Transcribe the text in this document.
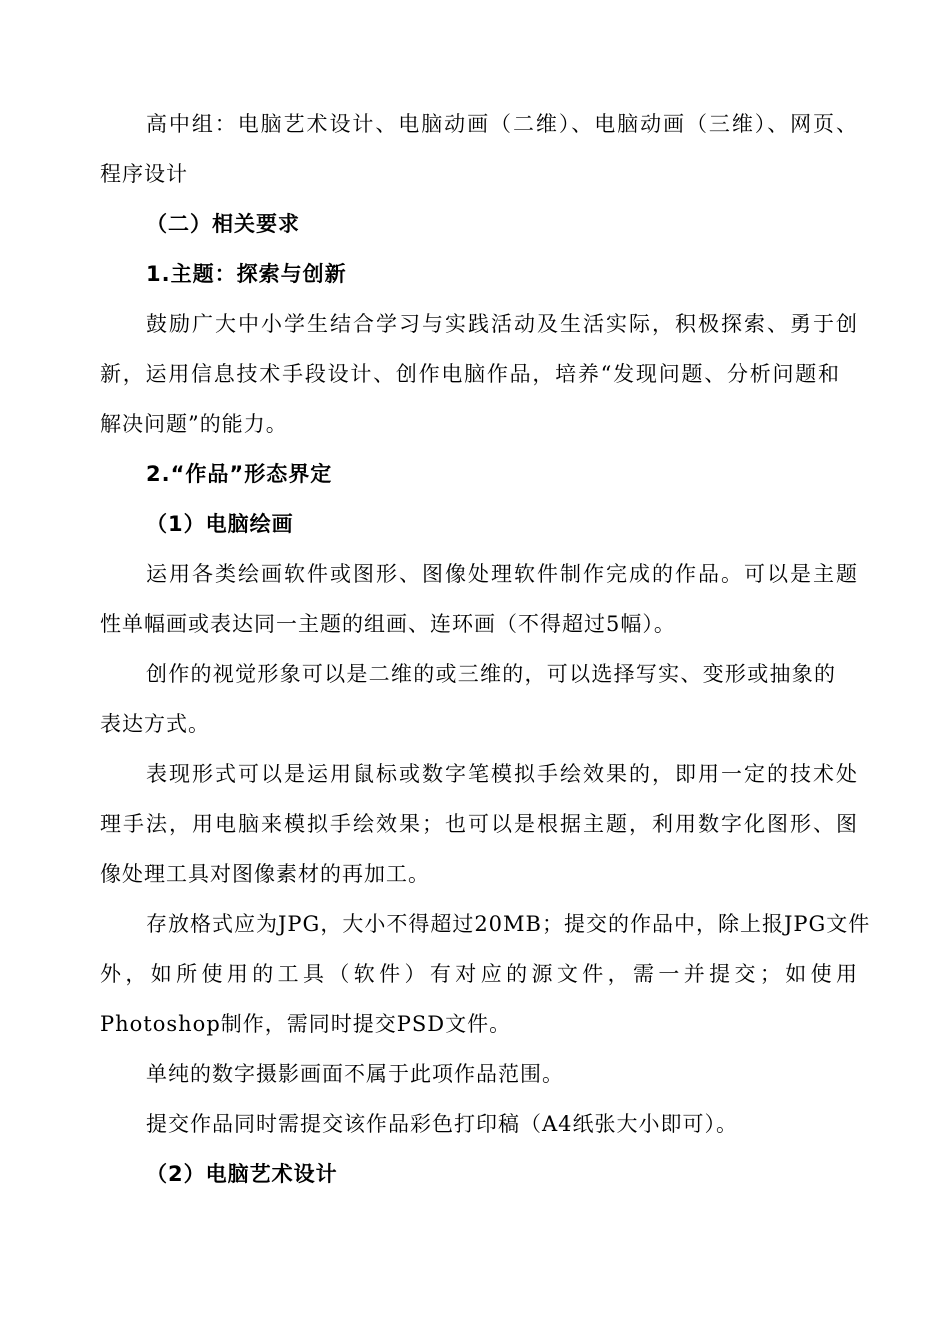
高中组：电脑艺术设计、电脑动画（二维）、电脑动画（三维）、网页、
程序设计
（二）相关要求
1.主题：探索与创新
鼓励广大中小学生结合学习与实践活动及生活实际，积极探索、勇于创
新，运用信息技术手段设计、创作电脑作品，培养“发现问题、分析问题和
解决问题”的能力。
2.“作品”形态界定
（1）电脑绘画
运用各类绘画软件或图形、图像处理软件制作完成的作品。可以是主题
性单幅画或表达同一主题的组画、连环画（不得超过5幅）。
创作的视觉形象可以是二维的或三维的，可以选择写实、变形或抽象的
表达方式。
表现形式可以是运用鼠标或数字笔模拟手绘效果的，即用一定的技术处
理手法，用电脑来模拟手绘效果；也可以是根据主题，利用数字化图形、图
像处理工具对图像素材的再加工。
存放格式应为JPG，大小不得超过20MB；提交的作品中，除上报JPG文件
外，如所使用的工具（软件）有对应的源文件，需一并提交；如使用
Photoshop制作，需同时提交PSD文件。
单纯的数字摄影画面不属于此项作品范围。
提交作品同时需提交该作品彩色打印稿（A4纸张大小即可）。
（2）电脑艺术设计
